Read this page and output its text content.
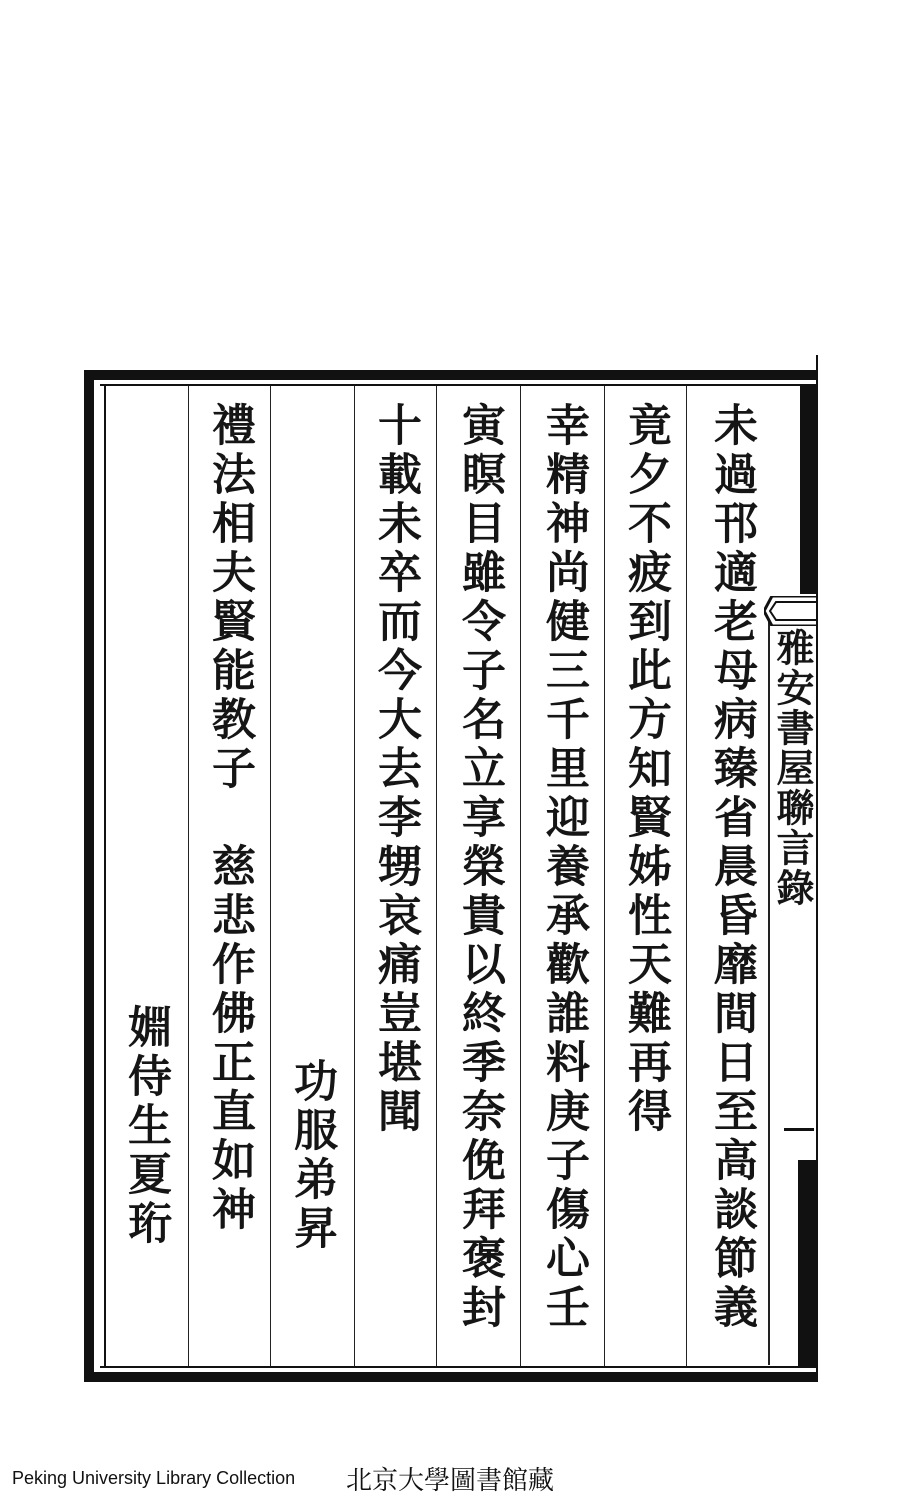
雅安書屋聯言錄
未過邗適老母病臻省晨昏靡間日至高談節義
竟夕不疲到此方知賢姊性天難再得
幸精神尚健三千里迎養承歡誰料庚子傷心壬
寅瞑目雖令子名立享榮貴以終季奈俛拜褒封
十載未卒而今大去李甥哀痛豈堪聞
功服弟昇
禮法相夫賢能教子　慈悲作佛正直如神
婣侍生夏珩
Peking University Library Collection 北京大學圖書館藏
